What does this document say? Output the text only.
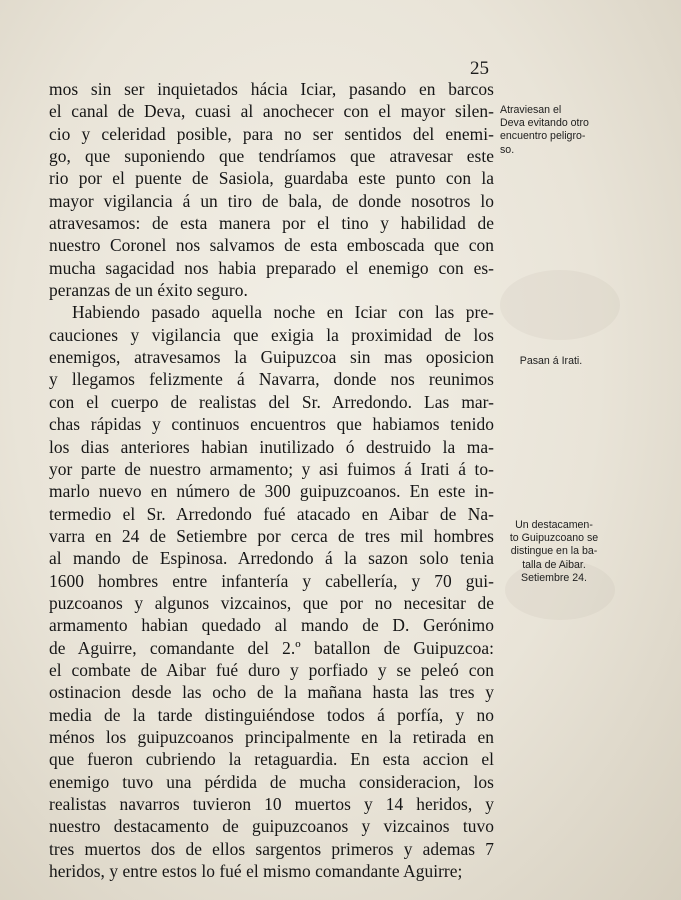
25
mos sin ser inquietados hácia Iciar, pasando en barcos
el canal de Deva, cuasi al anochecer con el mayor silen-
cio y celeridad posible, para no ser sentidos del enemi-
go, que suponiendo que tendríamos que atravesar este
rio por el puente de Sasiola, guardaba este punto con la
mayor vigilancia á un tiro de bala, de donde nosotros lo
atravesamos: de esta manera por el tino y habilidad de
nuestro Coronel nos salvamos de esta emboscada que con
mucha sagacidad nos habia preparado el enemigo con es-
peranzas de un éxito seguro.
Habiendo pasado aquella noche en Iciar con las pre-
cauciones y vigilancia que exigia la proximidad de los
enemigos, atravesamos la Guipuzcoa sin mas oposicion
y llegamos felizmente á Navarra, donde nos reunimos
con el cuerpo de realistas del Sr. Arredondo. Las mar-
chas rápidas y continuos encuentros que habiamos tenido
los dias anteriores habian inutilizado ó destruido la ma-
yor parte de nuestro armamento; y asi fuimos á Irati á to-
marlo nuevo en número de 300 guipuzcoanos. En este in-
termedio el Sr. Arredondo fué atacado en Aibar de Na-
varra en 24 de Setiembre por cerca de tres mil hombres
al mando de Espinosa. Arredondo á la sazon solo tenia
1600 hombres entre infantería y cabellería, y 70 gui-
puzcoanos y algunos vizcainos, que por no necesitar de
armamento habian quedado al mando de D. Gerónimo
de Aguirre, comandante del 2.º batallon de Guipuzcoa:
el combate de Aibar fué duro y porfiado y se peleó con
ostinacion desde las ocho de la mañana hasta las tres y
media de la tarde distinguiéndose todos á porfía, y no
ménos los guipuzcoanos principalmente en la retirada en
que fueron cubriendo la retaguardia. En esta accion el
enemigo tuvo una pérdida de mucha consideracion, los
realistas navarros tuvieron 10 muertos y 14 heridos, y
nuestro destacamento de guipuzcoanos y vizcainos tuvo
tres muertos dos de ellos sargentos primeros y ademas 7
heridos, y entre estos lo fué el mismo comandante Aguirre;
Atraviesan el
Deva evitando otro
encuentro peligro-
so.
Pasan á Irati.
Un destacamen-
to Guipuzcoano se
distingue en la ba-
talla de Aibar.
Setiembre 24.
